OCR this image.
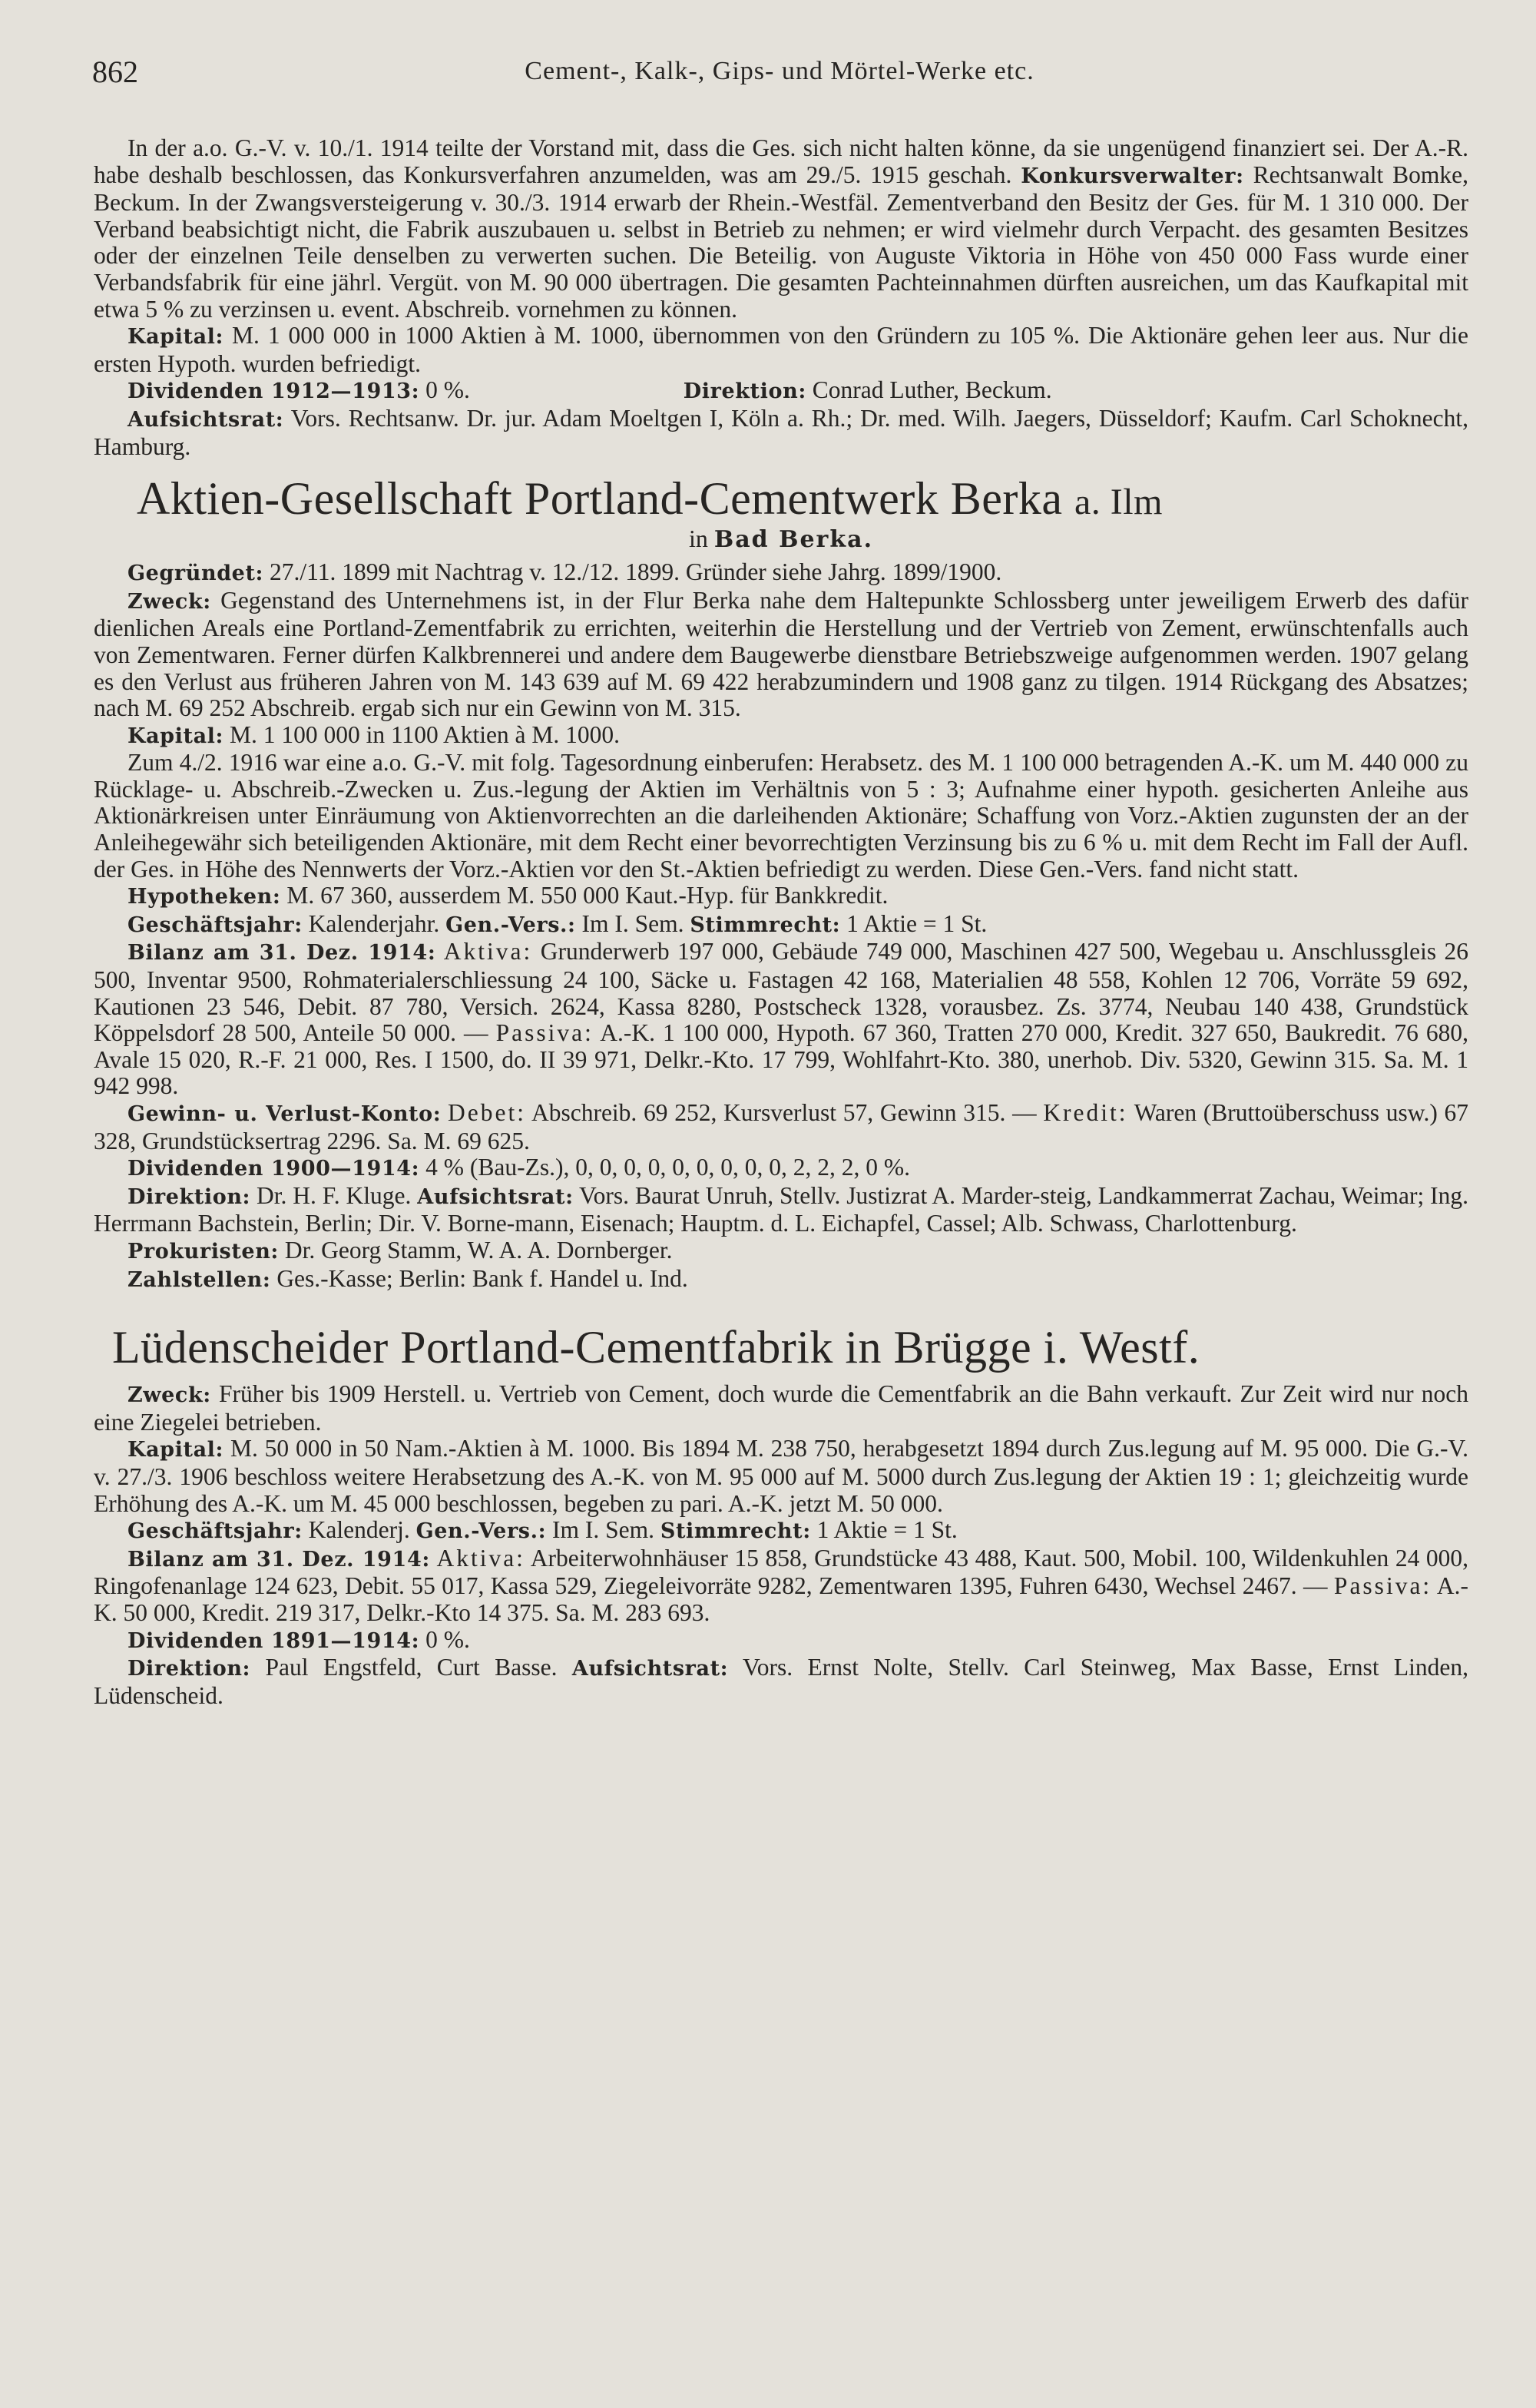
862	Cement-, Kalk-, Gips- und Mörtel-Werke etc.

In der a.o. G.-V. v. 10./1. 1914 teilte der Vorstand mit, dass die Ges. sich nicht halten könne, da sie ungenügend finanziert sei. Der A.-R. habe deshalb beschlossen, das Konkursverfahren anzumelden, was am 29./5. 1915 geschah. Konkursverwalter: Rechtsanwalt Bomke, Beckum. In der Zwangsversteigerung v. 30./3. 1914 erwarb der Rhein.-Westfäl. Zementverband den Besitz der Ges. für M. 1 310 000. Der Verband beabsichtigt nicht, die Fabrik auszubauen u. selbst in Betrieb zu nehmen; er wird vielmehr durch Verpacht. des gesamten Besitzes oder der einzelnen Teile denselben zu verwerten suchen. Die Beteilig. von Auguste Viktoria in Höhe von 450 000 Fass wurde einer Verbandsfabrik für eine jährl. Vergüt. von M. 90 000 übertragen. Die gesamten Pachteinnahmen dürften ausreichen, um das Kaufkapital mit etwa 5 % zu verzinsen u. event. Abschreib. vornehmen zu können.

Kapital: M. 1 000 000 in 1000 Aktien à M. 1000, übernommen von den Gründern zu 105 %. Die Aktionäre gehen leer aus. Nur die ersten Hypoth. wurden befriedigt.

Dividenden 1912—1913: 0 %.	Direktion: Conrad Luther, Beckum.

Aufsichtsrat: Vors. Rechtsanw. Dr. jur. Adam Moeltgen I, Köln a. Rh.; Dr. med. Wilh. Jaegers, Düsseldorf; Kaufm. Carl Schoknecht, Hamburg.

Aktien-Gesellschaft Portland-Cementwerk Berka a. Ilm
in Bad Berka.

Gegründet: 27./11. 1899 mit Nachtrag v. 12./12. 1899. Gründer siehe Jahrg. 1899/1900.

Zweck: Gegenstand des Unternehmens ist, in der Flur Berka nahe dem Haltepunkte Schlossberg unter jeweiligem Erwerb des dafür dienlichen Areals eine Portland-Zementfabrik zu errichten, weiterhin die Herstellung und der Vertrieb von Zement, erwünschtenfalls auch von Zementwaren. Ferner dürfen Kalkbrennerei und andere dem Baugewerbe dienstbare Betriebszweige aufgenommen werden. 1907 gelang es den Verlust aus früheren Jahren von M. 143 639 auf M. 69 422 herabzumindern und 1908 ganz zu tilgen. 1914 Rückgang des Absatzes; nach M. 69 252 Abschreib. ergab sich nur ein Gewinn von M. 315.

Kapital: M. 1 100 000 in 1100 Aktien à M. 1000.

Zum 4./2. 1916 war eine a.o. G.-V. mit folg. Tagesordnung einberufen: Herabsetz. des M. 1 100 000 betragenden A.-K. um M. 440 000 zu Rücklage- u. Abschreib.-Zwecken u. Zus.-legung der Aktien im Verhältnis von 5 : 3; Aufnahme einer hypoth. gesicherten Anleihe aus Aktionärkreisen unter Einräumung von Aktienvorrechten an die darleihenden Aktionäre; Schaffung von Vorz.-Aktien zugunsten der an der Anleihegewähr sich beteiligenden Aktionäre, mit dem Recht einer bevorrechtigten Verzinsung bis zu 6 % u. mit dem Recht im Fall der Aufl. der Ges. in Höhe des Nennwerts der Vorz.-Aktien vor den St.-Aktien befriedigt zu werden. Diese Gen.-Vers. fand nicht statt.

Hypotheken: M. 67 360, ausserdem M. 550 000 Kaut.-Hyp. für Bankkredit.

Geschäftsjahr: Kalenderjahr. Gen.-Vers.: Im I. Sem. Stimmrecht: 1 Aktie = 1 St.

Bilanz am 31. Dez. 1914: Aktiva: Grunderwerb 197 000, Gebäude 749 000, Maschinen 427 500, Wegebau u. Anschlussgleis 26 500, Inventar 9500, Rohmaterialerschliessung 24 100, Säcke u. Fastagen 42 168, Materialien 48 558, Kohlen 12 706, Vorräte 59 692, Kautionen 23 546, Debit. 87 780, Versich. 2624, Kassa 8280, Postscheck 1328, vorausbez. Zs. 3774, Neubau 140 438, Grundstück Köppelsdorf 28 500, Anteile 50 000. — Passiva: A.-K. 1 100 000, Hypoth. 67 360, Tratten 270 000, Kredit. 327 650, Baukredit. 76 680, Avale 15 020, R.-F. 21 000, Res. I 1500, do. II 39 971, Delkr.-Kto. 17 799, Wohlfahrt-Kto. 380, unerhob. Div. 5320, Gewinn 315. Sa. M. 1 942 998.

Gewinn- u. Verlust-Konto: Debet: Abschreib. 69 252, Kursverlust 57, Gewinn 315. — Kredit: Waren (Bruttoüberschuss usw.) 67 328, Grundstücksertrag 2296. Sa. M. 69 625.

Dividenden 1900—1914: 4 % (Bau-Zs.), 0, 0, 0, 0, 0, 0, 0, 0, 0, 2, 2, 2, 0 %.

Direktion: Dr. H. F. Kluge. Aufsichtsrat: Vors. Baurat Unruh, Stellv. Justizrat A. Marder-steig, Landkammerrat Zachau, Weimar; Ing. Herrmann Bachstein, Berlin; Dir. V. Borne-mann, Eisenach; Hauptm. d. L. Eichapfel, Cassel; Alb. Schwass, Charlottenburg.

Prokuristen: Dr. Georg Stamm, W. A. A. Dornberger.

Zahlstellen: Ges.-Kasse; Berlin: Bank f. Handel u. Ind.

Lüdenscheider Portland-Cementfabrik in Brügge i. Westf.

Zweck: Früher bis 1909 Herstell. u. Vertrieb von Cement, doch wurde die Cementfabrik an die Bahn verkauft. Zur Zeit wird nur noch eine Ziegelei betrieben.

Kapital: M. 50 000 in 50 Nam.-Aktien à M. 1000. Bis 1894 M. 238 750, herabgesetzt 1894 durch Zus.legung auf M. 95 000. Die G.-V. v. 27./3. 1906 beschloss weitere Herabsetzung des A.-K. von M. 95 000 auf M. 5000 durch Zus.legung der Aktien 19 : 1; gleichzeitig wurde Erhöhung des A.-K. um M. 45 000 beschlossen, begeben zu pari. A.-K. jetzt M. 50 000.

Geschäftsjahr: Kalenderj. Gen.-Vers.: Im I. Sem. Stimmrecht: 1 Aktie = 1 St.

Bilanz am 31. Dez. 1914: Aktiva: Arbeiterwohnhäuser 15 858, Grundstücke 43 488, Kaut. 500, Mobil. 100, Wildenkuhlen 24 000, Ringofenanlage 124 623, Debit. 55 017, Kassa 529, Ziegeleivorräte 9282, Zementwaren 1395, Fuhren 6430, Wechsel 2467. — Passiva: A.-K. 50 000, Kredit. 219 317, Delkr.-Kto 14 375. Sa. M. 283 693.

Dividenden 1891—1914: 0 %.

Direktion: Paul Engstfeld, Curt Basse. Aufsichtsrat: Vors. Ernst Nolte, Stellv. Carl Steinweg, Max Basse, Ernst Linden, Lüdenscheid.
